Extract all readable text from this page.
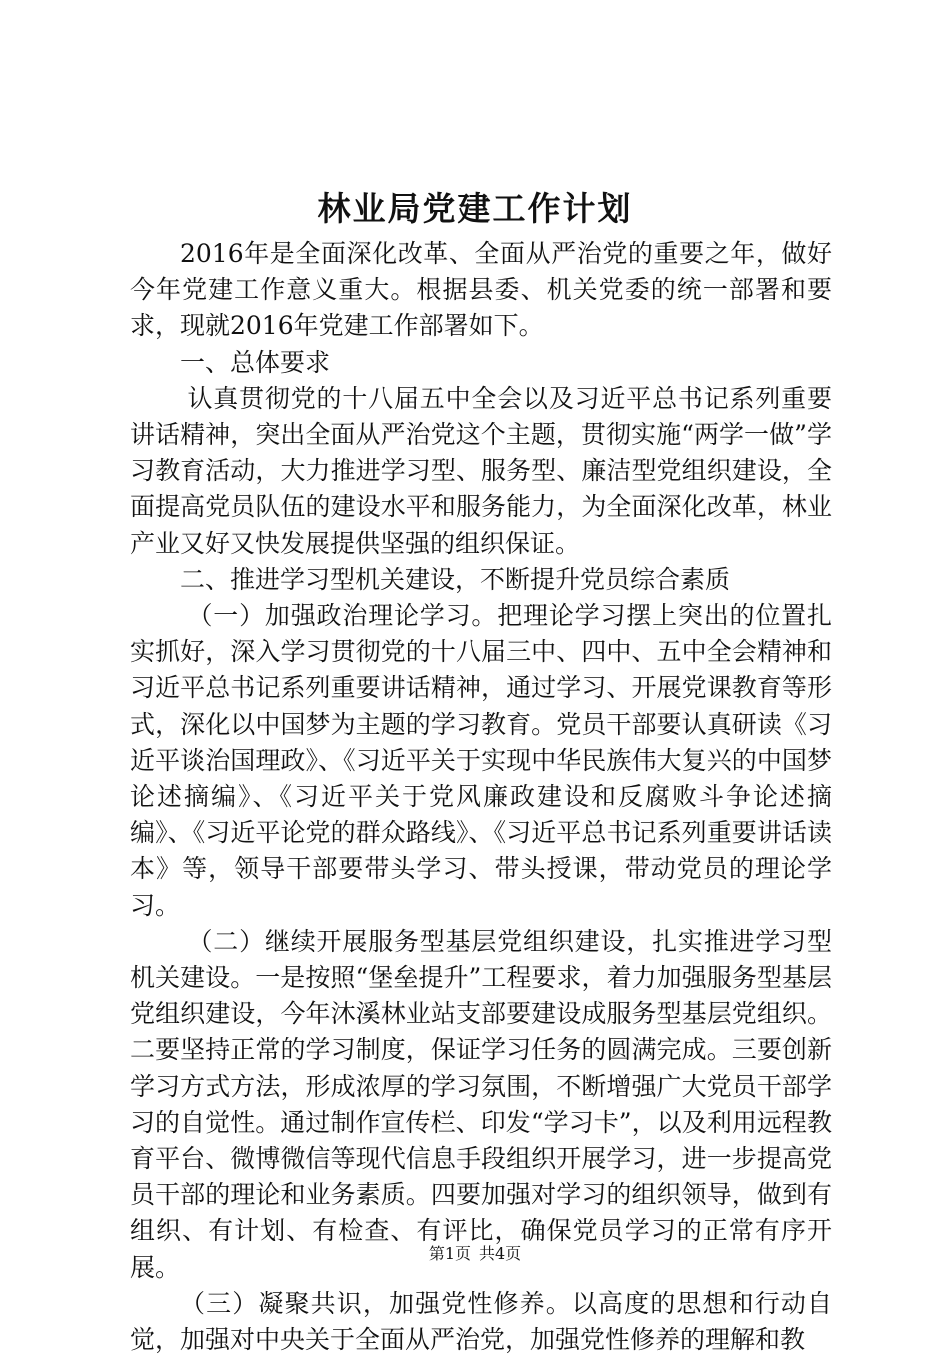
林业局党建工作计划

2016年是全面深化改革、全面从严治党的重要之年，做好今年党建工作意义重大。根据县委、机关党委的统一部署和要求，现就2016年党建工作部署如下。

一、总体要求

认真贯彻党的十八届五中全会以及习近平总书记系列重要讲话精神，突出全面从严治党这个主题，贯彻实施“两学一做”学习教育活动，大力推进学习型、服务型、廉洁型党组织建设，全面提高党员队伍的建设水平和服务能力，为全面深化改革，林业产业又好又快发展提供坚强的组织保证。

二、推进学习型机关建设，不断提升党员综合素质

（一）加强政治理论学习。把理论学习摆上突出的位置扎实抓好，深入学习贯彻党的十八届三中、四中、五中全会精神和习近平总书记系列重要讲话精神，通过学习、开展党课教育等形式，深化以中国梦为主题的学习教育。党员干部要认真研读《习近平谈治国理政》、《习近平关于实现中华民族伟大复兴的中国梦论述摘编》、《习近平关于党风廉政建设和反腐败斗争论述摘编》、《习近平论党的群众路线》、《习近平总书记系列重要讲话读本》等，领导干部要带头学习、带头授课，带动党员的理论学习。

（二）继续开展服务型基层党组织建设，扎实推进学习型机关建设。一是按照“堡垒提升”工程要求，着力加强服务型基层党组织建设，今年沐溪林业站支部要建设成服务型基层党组织。二要坚持正常的学习制度，保证学习任务的圆满完成。三要创新学习方式方法，形成浓厚的学习氛围，不断增强广大党员干部学习的自觉性。通过制作宣传栏、印发“学习卡”，以及利用远程教育平台、微博微信等现代信息手段组织开展学习，进一步提高党员干部的理论和业务素质。四要加强对学习的组织领导，做到有组织、有计划、有检查、有评比，确保党员学习的正常有序开展。

（三）凝聚共识，加强党性修养。以高度的思想和行动自觉，加强对中央关于全面从严治党，加强党性修养的理解和教

第1页 共4页
